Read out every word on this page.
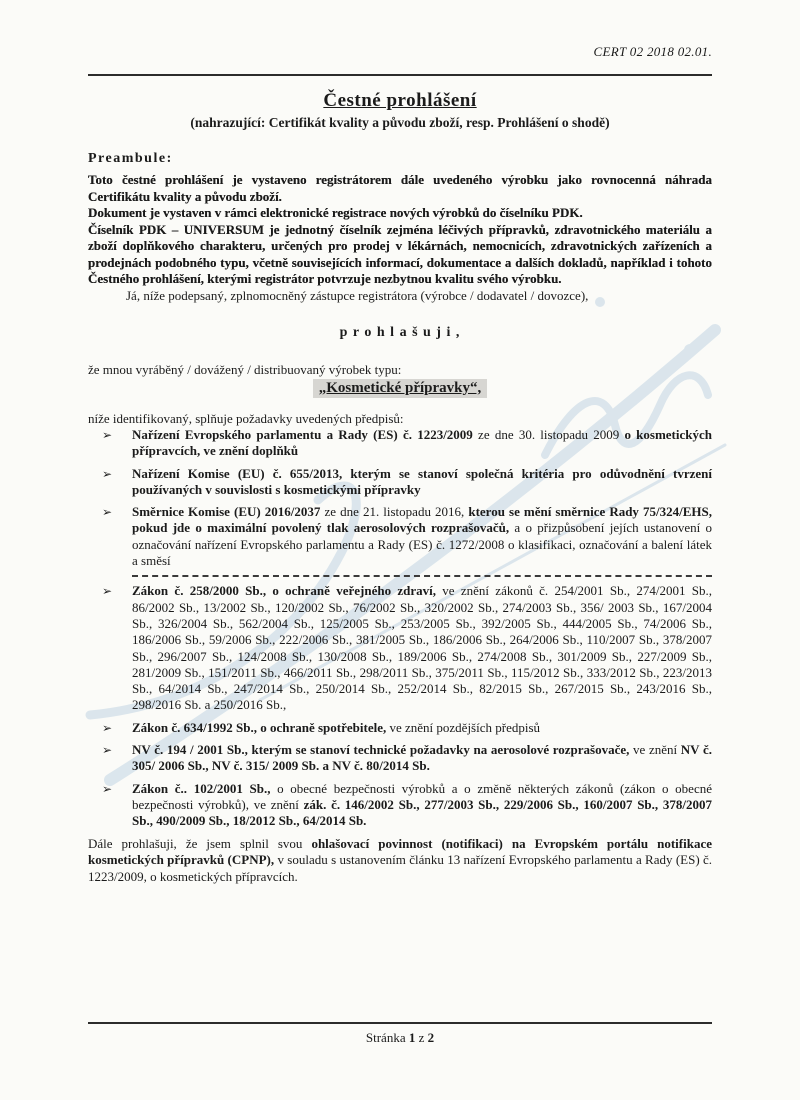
CERT 02 2018 02.01.
Čestné prohlášení
(nahrazující: Certifikát kvality a původu zboží, resp. Prohlášení o shodě)
Preambule:

Toto čestné prohlášení je vystaveno registrátorem dále uvedeného výrobku jako rovnocenná náhrada Certifikátu kvality a původu zboží.
Dokument je vystaven v rámci elektronické registrace nových výrobků do číselníku PDK.
Číselník PDK – UNIVERSUM je jednotný číselník zejména léčivých přípravků, zdravotnického materiálu a zboží doplňkového charakteru, určených pro prodej v lékárnách, nemocnicích, zdravotnických zařízeních a prodejnách podobného typu, včetně souvisejících informací, dokumentace a dalších dokladů, například i tohoto Čestného prohlášení, kterými registrátor potvrzuje nezbytnou kvalitu svého výrobku.

Já, níže podepsaný, zplnomocněný zástupce registrátora (výrobce / dodavatel / dovozce),

p r o h l a š u j i ,

že mnou vyráběný / dovážený / distribuovaný výrobek typu:

„Kosmetické přípravky“,

níže identifikovaný, splňuje požadavky uvedených předpisů:

➢ Nařízení Evropského parlamentu a Rady (ES) č. 1223/2009 ze dne 30. listopadu 2009 o kosmetických přípravcích, ve znění doplňků
➢ Nařízení Komise (EU) č. 655/2013, kterým se stanoví společná kritéria pro odůvodnění tvrzení používaných v souvislosti s kosmetickými přípravky
➢ Směrnice Komise (EU) 2016/2037 ze dne 21. listopadu 2016, kterou se mění směrnice Rady 75/324/EHS, pokud jde o maximální povolený tlak aerosolových rozprašovačů, a o přizpůsobení jejích ustanovení o označování nařízení Evropského parlamentu a Rady (ES) č. 1272/2008 o klasifikaci, označování a balení látek a směsí
➢ Zákon č. 258/2000 Sb., o ochraně veřejného zdraví, ve znění zákonů č. 254/2001 Sb., 274/2001 Sb., 86/2002 Sb., 13/2002 Sb., 120/2002 Sb., 76/2002 Sb., 320/2002 Sb., 274/2003 Sb., 356/ 2003 Sb., 167/2004 Sb., 326/2004 Sb., 562/2004 Sb., 125/2005 Sb., 253/2005 Sb., 392/2005 Sb., 444/2005 Sb., 74/2006 Sb., 186/2006 Sb., 59/2006 Sb., 222/2006 Sb., 381/2005 Sb., 186/2006 Sb., 264/2006 Sb., 110/2007 Sb., 378/2007 Sb., 296/2007 Sb., 124/2008 Sb., 130/2008 Sb., 189/2006 Sb., 274/2008 Sb., 301/2009 Sb., 227/2009 Sb., 281/2009 Sb., 151/2011 Sb., 466/2011 Sb., 298/2011 Sb., 375/2011 Sb., 115/2012 Sb., 333/2012 Sb., 223/2013 Sb., 64/2014 Sb., 247/2014 Sb., 250/2014 Sb., 252/2014 Sb., 82/2015 Sb., 267/2015 Sb., 243/2016 Sb., 298/2016 Sb. a 250/2016 Sb.,
➢ Zákon č. 634/1992 Sb., o ochraně spotřebitele, ve znění pozdějších předpisů
➢ NV č. 194 / 2001 Sb., kterým se stanoví technické požadavky na aerosolové rozprašovače, ve znění NV č. 305/ 2006 Sb., NV č. 315/ 2009 Sb. a NV č. 80/2014 Sb.
➢ Zákon č.. 102/2001 Sb., o obecné bezpečnosti výrobků a o změně některých zákonů (zákon o obecné bezpečnosti výrobků), ve znění zák. č. 146/2002 Sb., 277/2003 Sb., 229/2006 Sb., 160/2007 Sb., 378/2007 Sb., 490/2009 Sb., 18/2012 Sb., 64/2014 Sb.

Dále prohlašuji, že jsem splnil svou ohlašovací povinnost (notifikaci) na Evropském portálu notifikace kosmetických přípravků (CPNP), v souladu s ustanovením článku 13 nařízení Evropského parlamentu a Rady (ES) č. 1223/2009, o kosmetických přípravcích.

Stránka 1 z 2
